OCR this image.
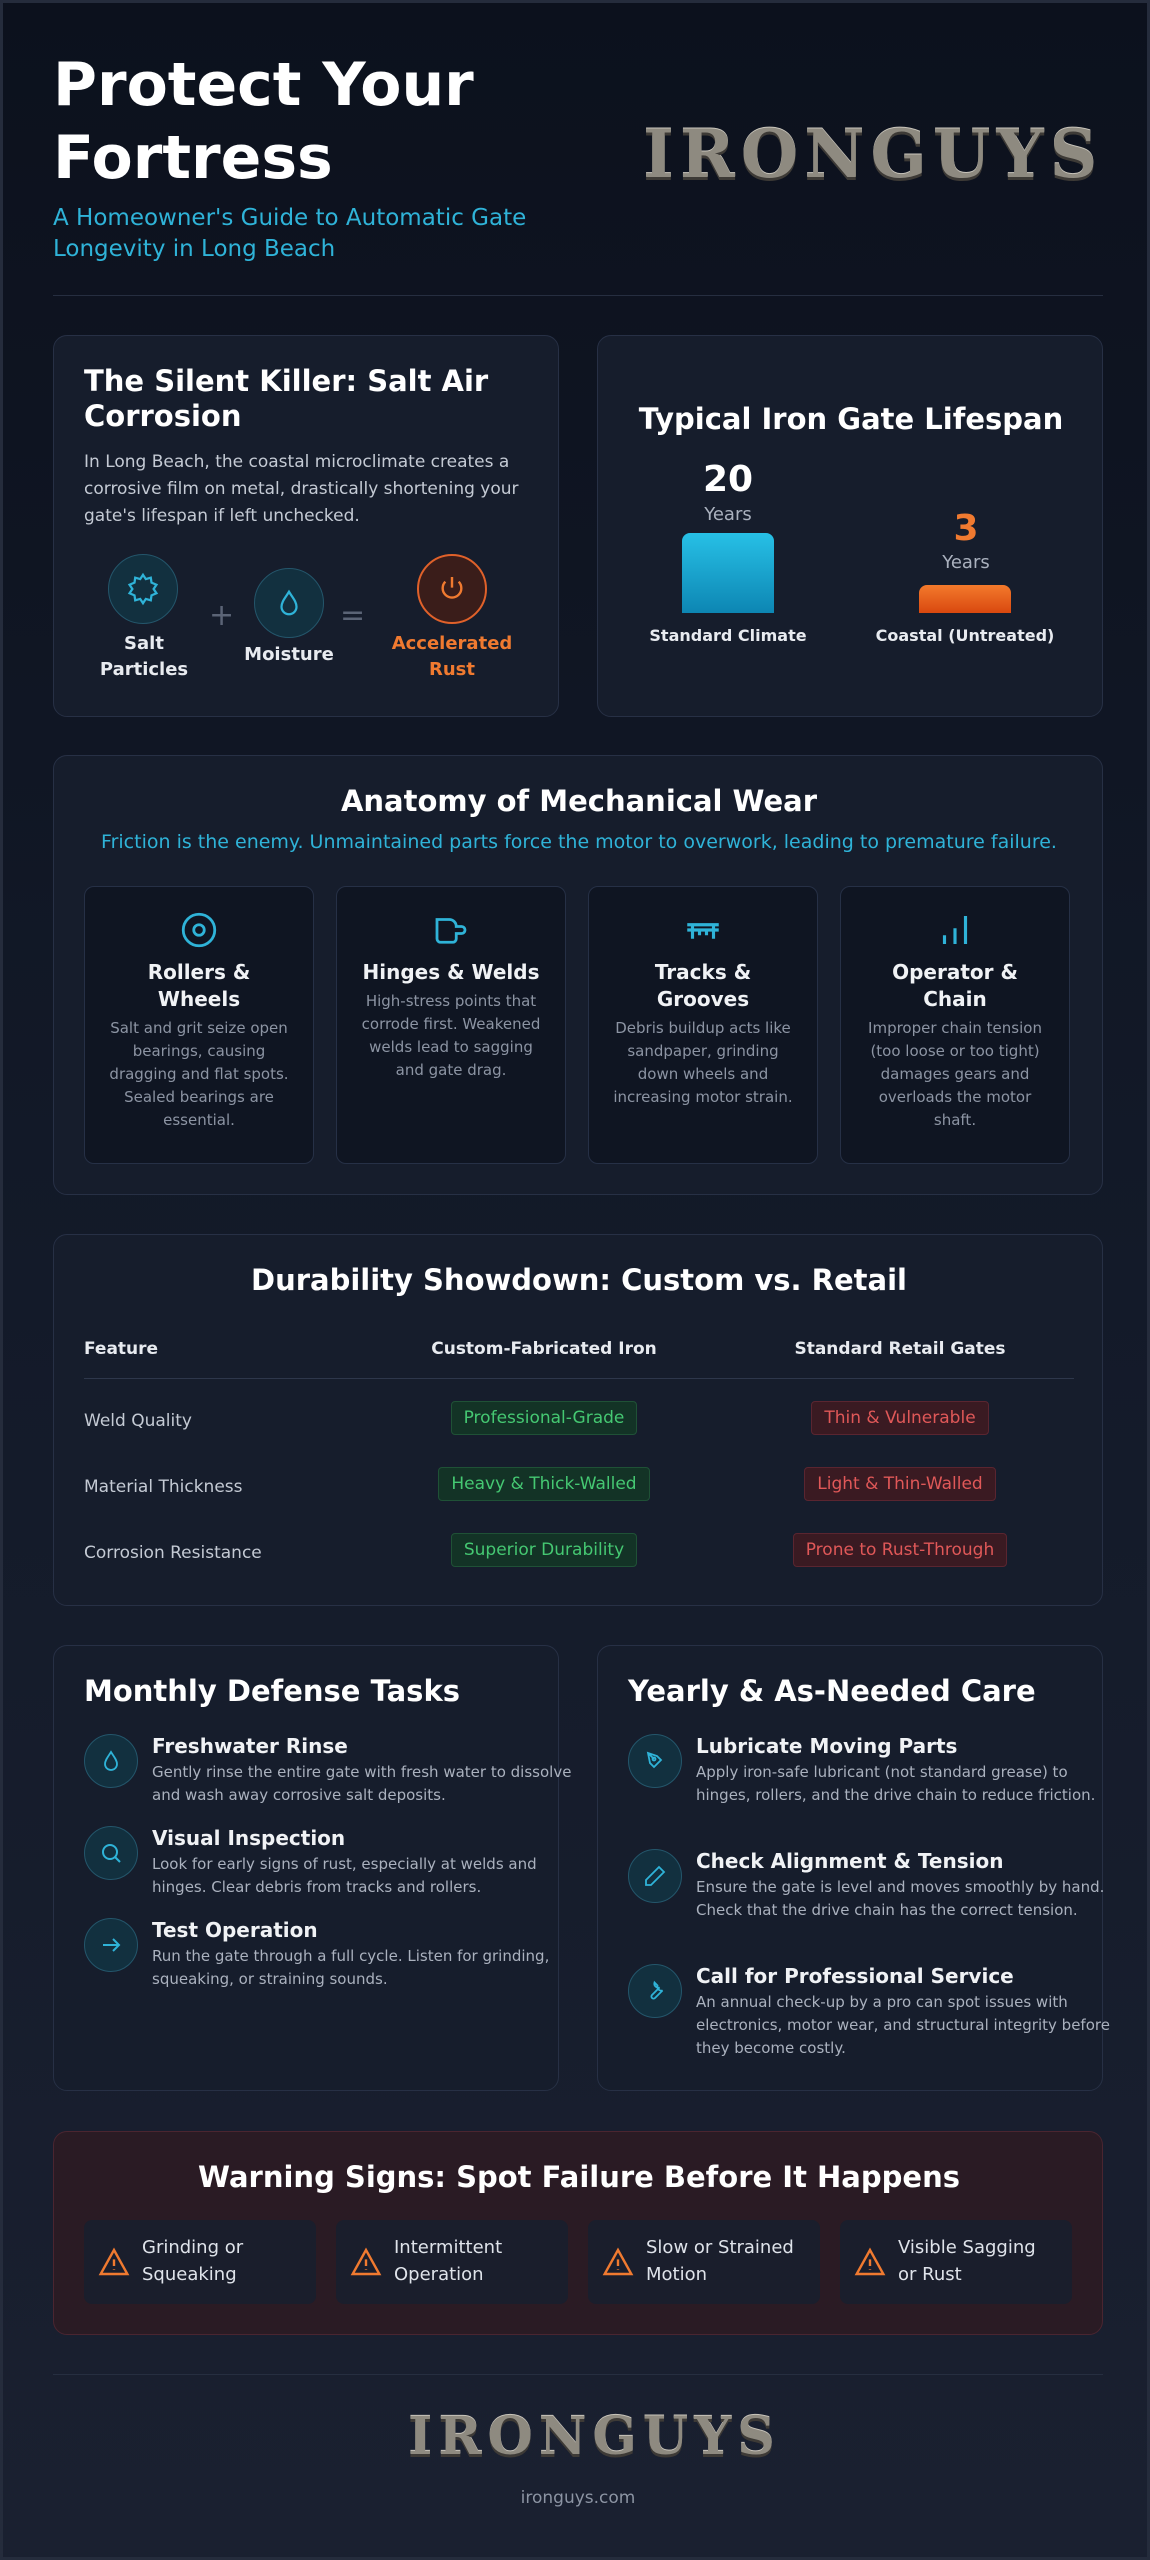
Protect Your
Fortress
A Homeowner's Guide to Automatic Gate Longevity in Long Beach
IRONGUYS
The Silent Killer: Salt Air Corrosion
In Long Beach, the coastal microclimate creates a corrosive film on metal, drastically shortening your gate's lifespan if left unchecked.
Salt Particles
+
Moisture
=
Accelerated Rust
Typical Iron Gate Lifespan
20
Years
Standard Climate
3
Years
Coastal (Untreated)
Anatomy of Mechanical Wear
Friction is the enemy. Unmaintained parts force the motor to overwork, leading to premature failure.
Rollers & Wheels

Salt and grit seize open bearings, causing dragging and flat spots. Sealed bearings are essential.

Hinges & Welds

High-stress points that corrode first. Weakened welds lead to sagging and gate drag.

Tracks & Grooves

Debris buildup acts like sandpaper, grinding down wheels and increasing motor strain.

Operator & Chain

Improper chain tension (too loose or too tight) damages gears and overloads the motor shaft.

Durability Showdown: Custom vs. Retail
Feature	Custom-Fabricated Iron	Standard Retail Gates
Weld Quality	Professional-Grade	Thin & Vulnerable
Material Thickness	Heavy & Thick-Walled	Light & Thin-Walled
Corrosion Resistance	Superior Durability	Prone to Rust-Through
Monthly Defense Tasks
Freshwater Rinse

Gently rinse the entire gate with fresh water to dissolve and wash away corrosive salt deposits.

Visual Inspection

Look for early signs of rust, especially at welds and hinges. Clear debris from tracks and rollers.

Test Operation

Run the gate through a full cycle. Listen for grinding, squeaking, or straining sounds.

Yearly & As-Needed Care
Lubricate Moving Parts

Apply iron-safe lubricant (not standard grease) to hinges, rollers, and the drive chain to reduce friction.

Check Alignment & Tension

Ensure the gate is level and moves smoothly by hand. Check that the drive chain has the correct tension.

Call for Professional Service

An annual check-up by a pro can spot issues with electronics, motor wear, and structural integrity before they become costly.

Warning Signs: Spot Failure Before It Happens
Grinding or
Squeaking
Intermittent
Operation
Slow or Strained
Motion
Visible Sagging
or Rust
IRONGUYS
ironguys.com
